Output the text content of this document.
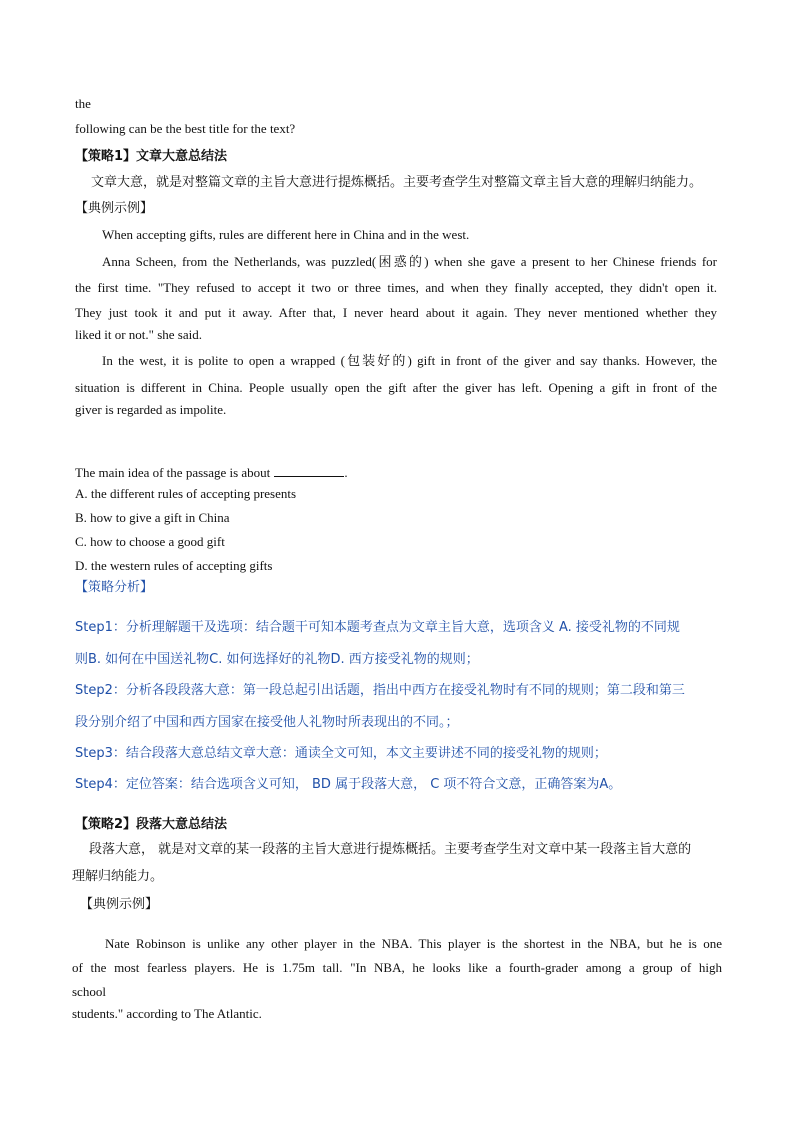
the
following can be the best title for the text?
【策略1】文章大意总结法
文章大意，就是对整篇文章的主旨大意进行提炼概括。主要考查学生对整篇文章主旨大意的理解归纳能力。
【典例示例】
When accepting gifts, rules are different here in China and in the west.
Anna Scheen, from the Netherlands, was puzzled(困惑的) when she gave a present to her Chinese friends for
the first time. "They refused to accept it two or three times, and when they finally accepted, they didn't open it.
They just took it and put it away. After that, I never heard about it again. They never mentioned whether they
liked it or not." she said.
In the west, it is polite to open a wrapped (包装好的) gift in front of the giver and say thanks. However, the
situation is different in China. People usually open the gift after the giver has left. Opening a gift in front of the
giver is regarded as impolite.
The main idea of the passage is about	.
A. the different rules of accepting presents
B. how to give a gift in China
C. how to choose a good gift
D. the western rules of accepting gifts
【策略分析】
Step1：分析理解题干及选项：结合题干可知本题考查点为文章主旨大意，选项含义 A. 接受礼物的不同规
则B. 如何在中国送礼物C. 如何选择好的礼物D. 西方接受礼物的规则；
Step2：分析各段段落大意：第一段总起引出话题，指出中西方在接受礼物时有不同的规则；第二段和第三
段分别介绍了中国和西方国家在接受他人礼物时所表现出的不同。；
Step3：结合段落大意总结文章大意：通读全文可知，本文主要讲述不同的接受礼物的规则；
Step4：定位答案：结合选项含义可知， BD 属于段落大意， C 项不符合文意，正确答案为A。
【策略2】段落大意总结法
段落大意， 就是对文章的某一段落的主旨大意进行提炼概括。主要考查学生对文章中某一段落主旨大意的
理解归纳能力。
【典例示例】
Nate Robinson is unlike any other player in the NBA. This player is the shortest in the NBA, but he is one
of the most fearless players. He is 1.75m tall. "In NBA, he looks like a fourth-grader among a group of high
school
students." according to The Atlantic.
